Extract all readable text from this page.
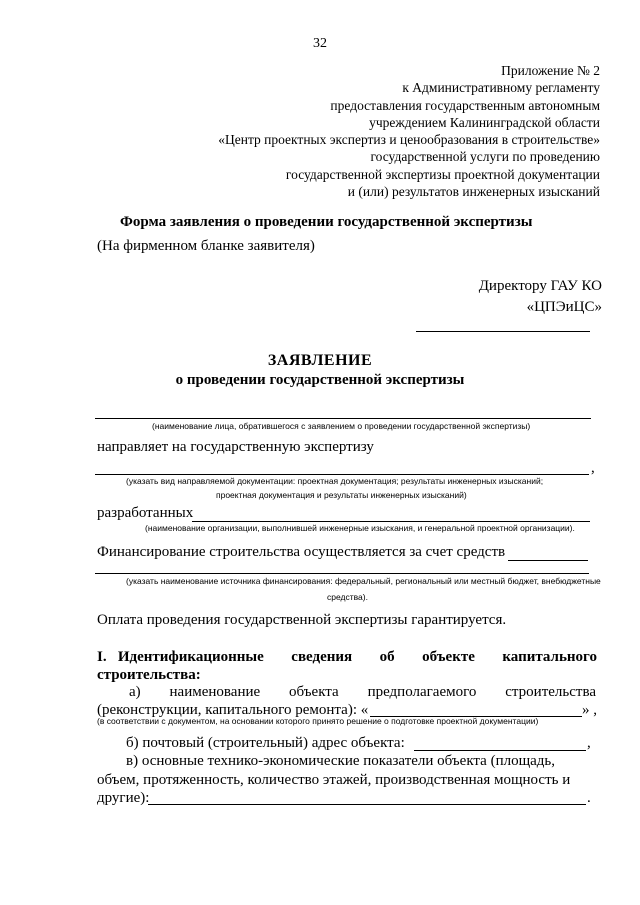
32
Приложение № 2
к Административному регламенту
предоставления государственным автономным
учреждением Калининградской области
«Центр проектных экспертиз и ценообразования в строительстве»
государственной услуги по проведению
государственной экспертизы проектной документации
и (или) результатов инженерных изысканий
Форма заявления о проведении государственной экспертизы
(На фирменном бланке заявителя)
Директору ГАУ КО
«ЦПЭиЦС»
ЗАЯВЛЕНИЕ
о проведении государственной экспертизы
(наименование лица, обратившегося с заявлением о проведении государственной экспертизы)
направляет на государственную экспертизу
,
(указать вид направляемой документации: проектная документация; результаты инженерных изысканий;
проектная документация и результаты инженерных изысканий)
разработанных
(наименование организации, выполнившей инженерные изыскания, и генеральной проектной организации).
Финансирование строительства осуществляется за счет средств
(указать наименование источника финансирования: федеральный, региональный или местный бюджет, внебюджетные
средства).
Оплата проведения государственной экспертизы гарантируется.
I. Идентификационные сведения об объекте капитального
строительства:
а) наименование объекта предполагаемого строительства
(реконструкции, капитального ремонта): «	» ,
(в соответствии с документом, на основании которого принято решение о подготовке проектной документации)
б) почтовый (строительный) адрес объекта:	,
в) основные технико-экономические показатели объекта (площадь,
объем, протяженность, количество этажей, производственная мощность и
другие):	.
